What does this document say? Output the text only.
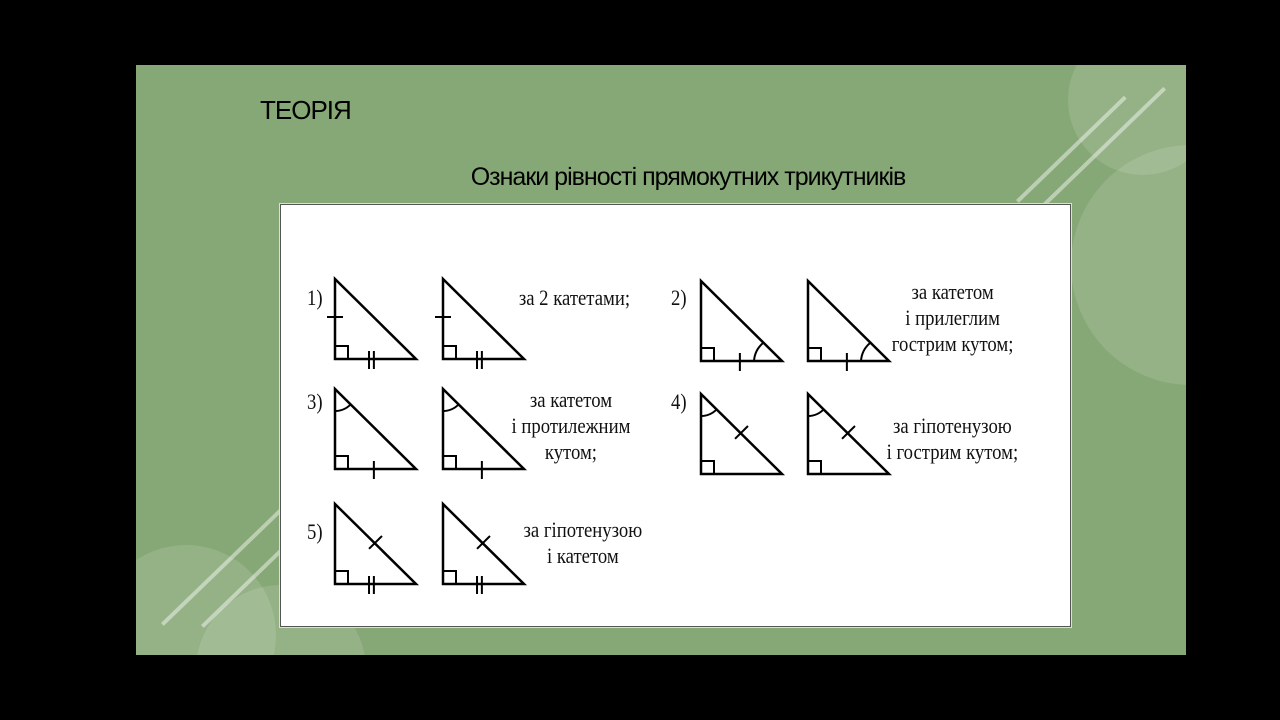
ТЕОРІЯ
Ознаки рівності прямокутних трикутників
1)	2)
3)	4)
5)
за 2 катетами;	за катетом
і прилеглим
гострим кутом;
за катетом
і протилежним
кутом;
за гіпотенузою
і гострим кутом;
за гіпотенузою
і катетом
